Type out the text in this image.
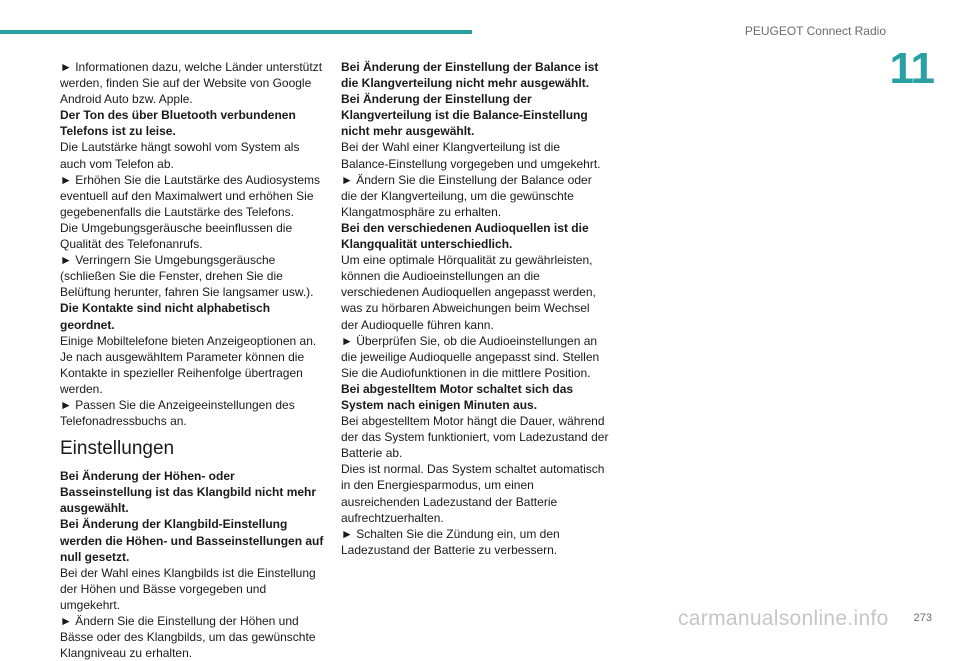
PEUGEOT Connect Radio
11

► Informationen dazu, welche Länder unterstützt werden, finden Sie auf der Website von Google Android Auto bzw. Apple.

Der Ton des über Bluetooth verbundenen Telefons ist zu leise.

Die Lautstärke hängt sowohl vom System als auch vom Telefon ab.

► Erhöhen Sie die Lautstärke des Audiosystems eventuell auf den Maximalwert und erhöhen Sie gegebenenfalls die Lautstärke des Telefons.

Die Umgebungsgeräusche beeinflussen die Qualität des Telefonanrufs.

► Verringern Sie Umgebungsgeräusche (schließen Sie die Fenster, drehen Sie die Belüftung herunter, fahren Sie langsamer usw.).

Die Kontakte sind nicht alphabetisch geordnet.

Einige Mobiltelefone bieten Anzeigeoptionen an. Je nach ausgewähltem Parameter können die Kontakte in spezieller Reihenfolge übertragen werden.

► Passen Sie die Anzeigeeinstellungen des Telefonadressbuchs an.

Einstellungen

Bei Änderung der Höhen- oder Basseinstellung ist das Klangbild nicht mehr ausgewählt.

Bei Änderung der Klangbild-Einstellung werden die Höhen- und Basseinstellungen auf null gesetzt.

Bei der Wahl eines Klangbilds ist die Einstellung der Höhen und Bässe vorgegeben und umgekehrt.

► Ändern Sie die Einstellung der Höhen und Bässe oder des Klangbilds, um das gewünschte Klangniveau zu erhalten.

Bei Änderung der Einstellung der Balance ist die Klangverteilung nicht mehr ausgewählt.

Bei Änderung der Einstellung der Klangverteilung ist die Balance-Einstellung nicht mehr ausgewählt.

Bei der Wahl einer Klangverteilung ist die Balance-Einstellung vorgegeben und umgekehrt.

► Ändern Sie die Einstellung der Balance oder die der Klangverteilung, um die gewünschte Klangatmosphäre zu erhalten.

Bei den verschiedenen Audioquellen ist die Klangqualität unterschiedlich.

Um eine optimale Hörqualität zu gewährleisten, können die Audioeinstellungen an die verschiedenen Audioquellen angepasst werden, was zu hörbaren Abweichungen beim Wechsel der Audioquelle führen kann.

► Überprüfen Sie, ob die Audioeinstellungen an die jeweilige Audioquelle angepasst sind. Stellen Sie die Audiofunktionen in die mittlere Position.

Bei abgestelltem Motor schaltet sich das System nach einigen Minuten aus.

Bei abgestelltem Motor hängt die Dauer, während der das System funktioniert, vom Ladezustand der Batterie ab.

Dies ist normal. Das System schaltet automatisch in den Energiesparmodus, um einen ausreichenden Ladezustand der Batterie aufrechtzuerhalten.

► Schalten Sie die Zündung ein, um den Ladezustand der Batterie zu verbessern.

273
carmanualsonline.info
